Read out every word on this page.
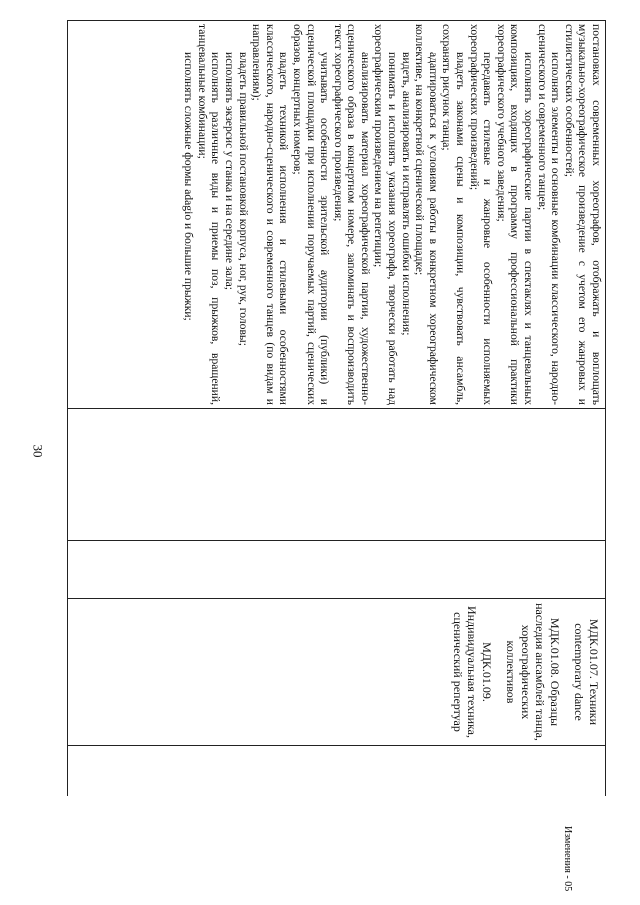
30

постановках современных хореографов, отображать и воплощать музыкально-хореографическое произведение с учетом его жанровых и стилистических особенностей;

исполнять элементы и основные комбинации классического, народно-сценического и современного танцев;

исполнять хореографические партии в спектаклях и танцевальных композициях, входящих в программу профессиональной практики хореографического учебного заведения;

передавать стилевые и жанровые особенности исполняемых хореографических произведений;

владеть законами сцены и композиции, чувствовать ансамбль, сохранять рисунок танца;

адаптироваться к условиям работы в конкретном хореографическом коллективе, на конкретной сценической площадке;

видеть, анализировать и исправлять ошибки исполнения;

понимать и исполнять указания хореографа, творчески работать над хореографическим произведением на репетиции;

анализировать материал хореографической партии, художественно-сценического образа в концертном номере, запоминать и воспроизводить текст хореографического произведения;

учитывать особенности зрительской аудитории (публики) и сценической площадки при исполнении поручаемых партий, сценических образов, концертных номеров;

владеть техникой исполнения и стилевыми особенностями классического, народно-сценического и современного танцев (по видам и направлениям);

владеть правильной постановкой корпуса, ног, рук, головы;

исполнять экзерсис у станка и на середине зала;

исполнять различные виды и приемы поз, прыжков, вращений, танцевальные комбинации;

исполнять сложные формы adagio и большие прыжки;

МДК.01.07. Техники contemporary dance

МДК.01.08. Образцы наследия ансамблей танца, хореографических коллективов

МДК.01.09. Индивидуальная техника, сценический репертуар

Изменения - 05
